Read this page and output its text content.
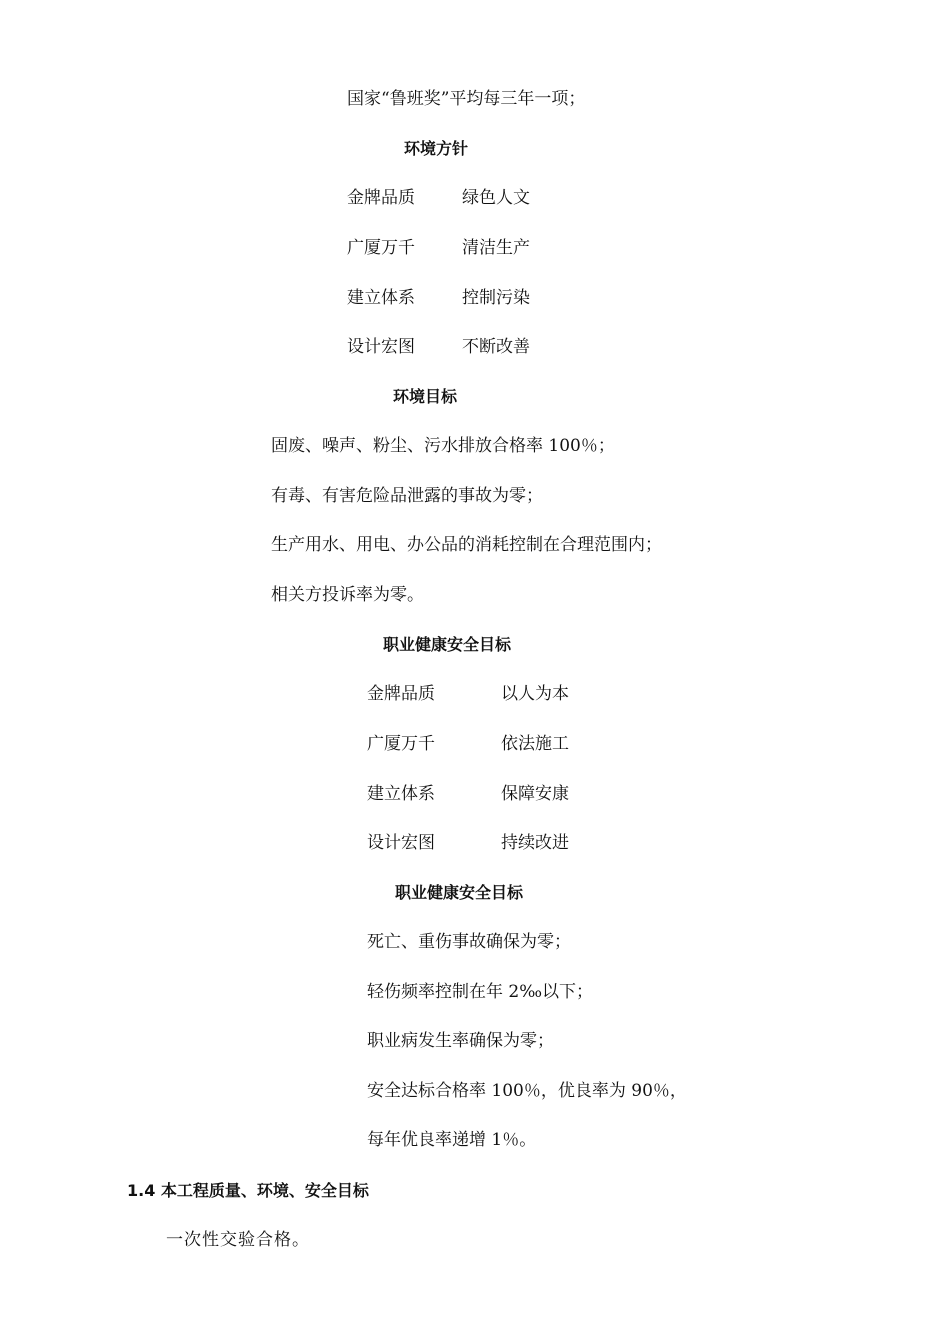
国家“鲁班奖”平均每三年一项；
环境方针
金牌品质	绿色人文
广厦万千	清洁生产
建立体系	控制污染
设计宏图	不断改善
环境目标
固废、噪声、粉尘、污水排放合格率 100％；
有毒、有害危险品泄露的事故为零；
生产用水、用电、办公品的消耗控制在合理范围内；
相关方投诉率为零。
职业健康安全目标
金牌品质	以人为本
广厦万千	依法施工
建立体系	保障安康
设计宏图	持续改进
职业健康安全目标
死亡、重伤事故确保为零；
轻伤频率控制在年 2‰以下；
职业病发生率确保为零；
安全达标合格率 100％，优良率为 90％，
每年优良率递增 1％。
1.4 本工程质量、环境、安全目标
一次性交验合格。
